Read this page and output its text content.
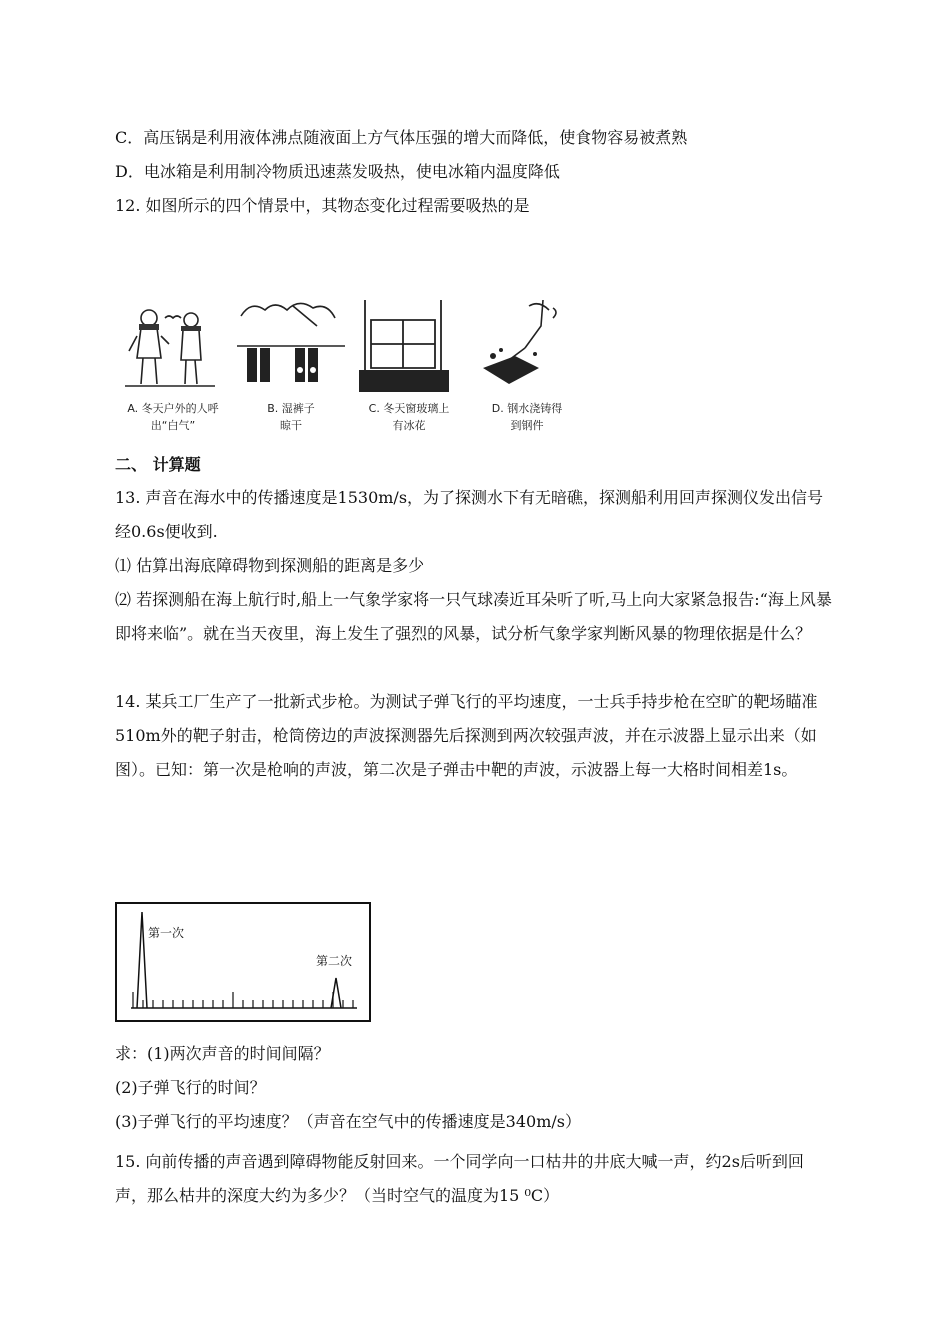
C．高压锅是利用液体沸点随液面上方气体压强的增大而降低，使食物容易被煮熟
D．电冰箱是利用制冷物质迅速蒸发吸热，使电冰箱内温度降低
12. 如图所示的四个情景中，其物态变化过程需要吸热的是
A. 冬天户外的人呼
出“白气”
B. 湿裤子
晾干
C. 冬天窗玻璃上
有冰花
D. 钢水浇铸得
到钢件
二、 计算题
13. 声音在海水中的传播速度是1530m/s，为了探测水下有无暗礁，探测船利用回声探测仪发出信号经0.6s便收到.
⑴ 估算出海底障碍物到探测船的距离是多少
⑵ 若探测船在海上航行时,船上一气象学家将一只气球凑近耳朵听了听,马上向大家紧急报告:“海上风暴即将来临”。就在当天夜里，海上发生了强烈的风暴，试分析气象学家判断风暴的物理依据是什么？
14. 某兵工厂生产了一批新式步枪。为测试子弹飞行的平均速度，一士兵手持步枪在空旷的靶场瞄准510m外的靶子射击，枪筒傍边的声波探测器先后探测到两次较强声波，并在示波器上显示出来（如图）。已知：第一次是枪响的声波，第二次是子弹击中靶的声波，示波器上每一大格时间相差1s。
第一次
第二次
求：(1)两次声音的时间间隔？
(2)子弹飞行的时间？
(3)子弹飞行的平均速度？（声音在空气中的传播速度是340m/s）
15. 向前传播的声音遇到障碍物能反射回来。一个同学向一口枯井的井底大喊一声，约2s后听到回声，那么枯井的深度大约为多少？（当时空气的温度为15 ⁰C）
